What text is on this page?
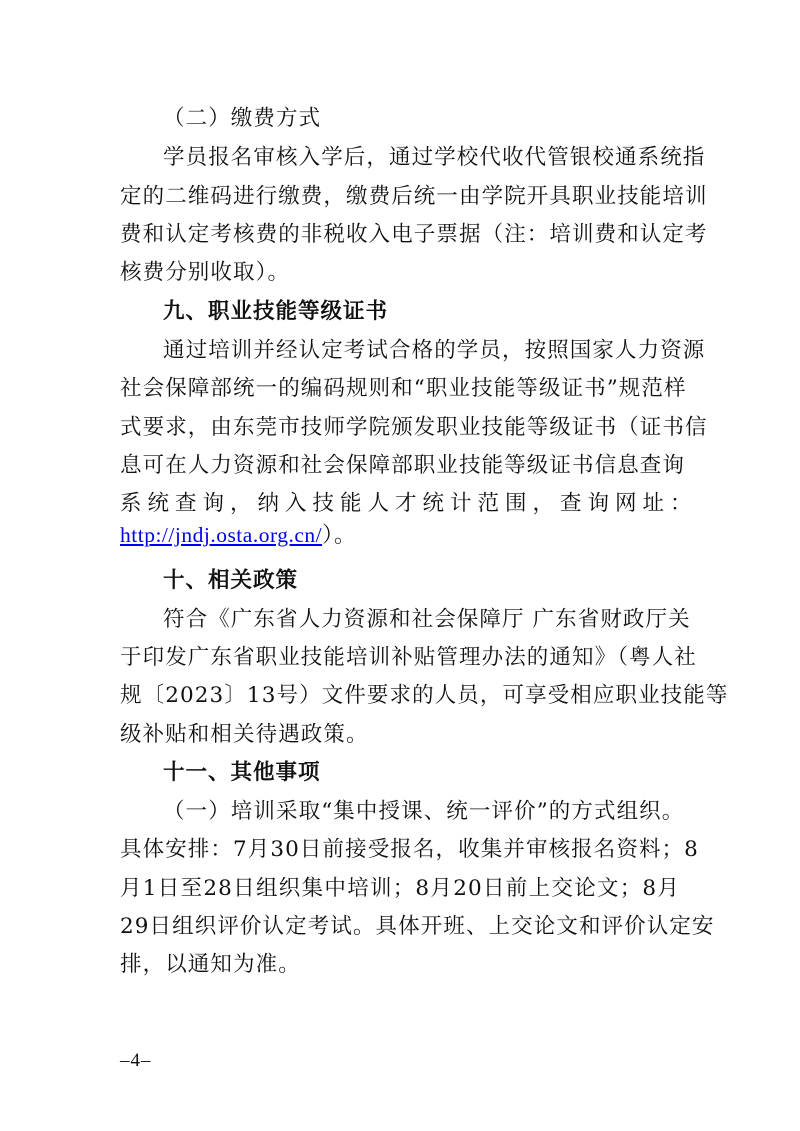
（二）缴费方式
学员报名审核入学后，通过学校代收代管银校通系统指
定的二维码进行缴费，缴费后统一由学院开具职业技能培训
费和认定考核费的非税收入电子票据（注：培训费和认定考
核费分别收取）。
九、职业技能等级证书
通过培训并经认定考试合格的学员，按照国家人力资源
社会保障部统一的编码规则和“职业技能等级证书”规范样
式要求，由东莞市技师学院颁发职业技能等级证书（证书信
息可在人力资源和社会保障部职业技能等级证书信息查询
系统查询，纳入技能人才统计范围，查询网址：
http://jndj.osta.org.cn/）。
十、相关政策
符合《广东省人力资源和社会保障厅 广东省财政厅关
于印发广东省职业技能培训补贴管理办法的通知》（粤人社
规〔2023〕13号）文件要求的人员，可享受相应职业技能等
级补贴和相关待遇政策。
十一、其他事项
（一）培训采取“集中授课、统一评价”的方式组织。
具体安排：7月30日前接受报名，收集并审核报名资料；8
月1日至28日组织集中培训；8月20日前上交论文；8月
29日组织评价认定考试。具体开班、上交论文和评价认定安
排，以通知为准。
–4–
